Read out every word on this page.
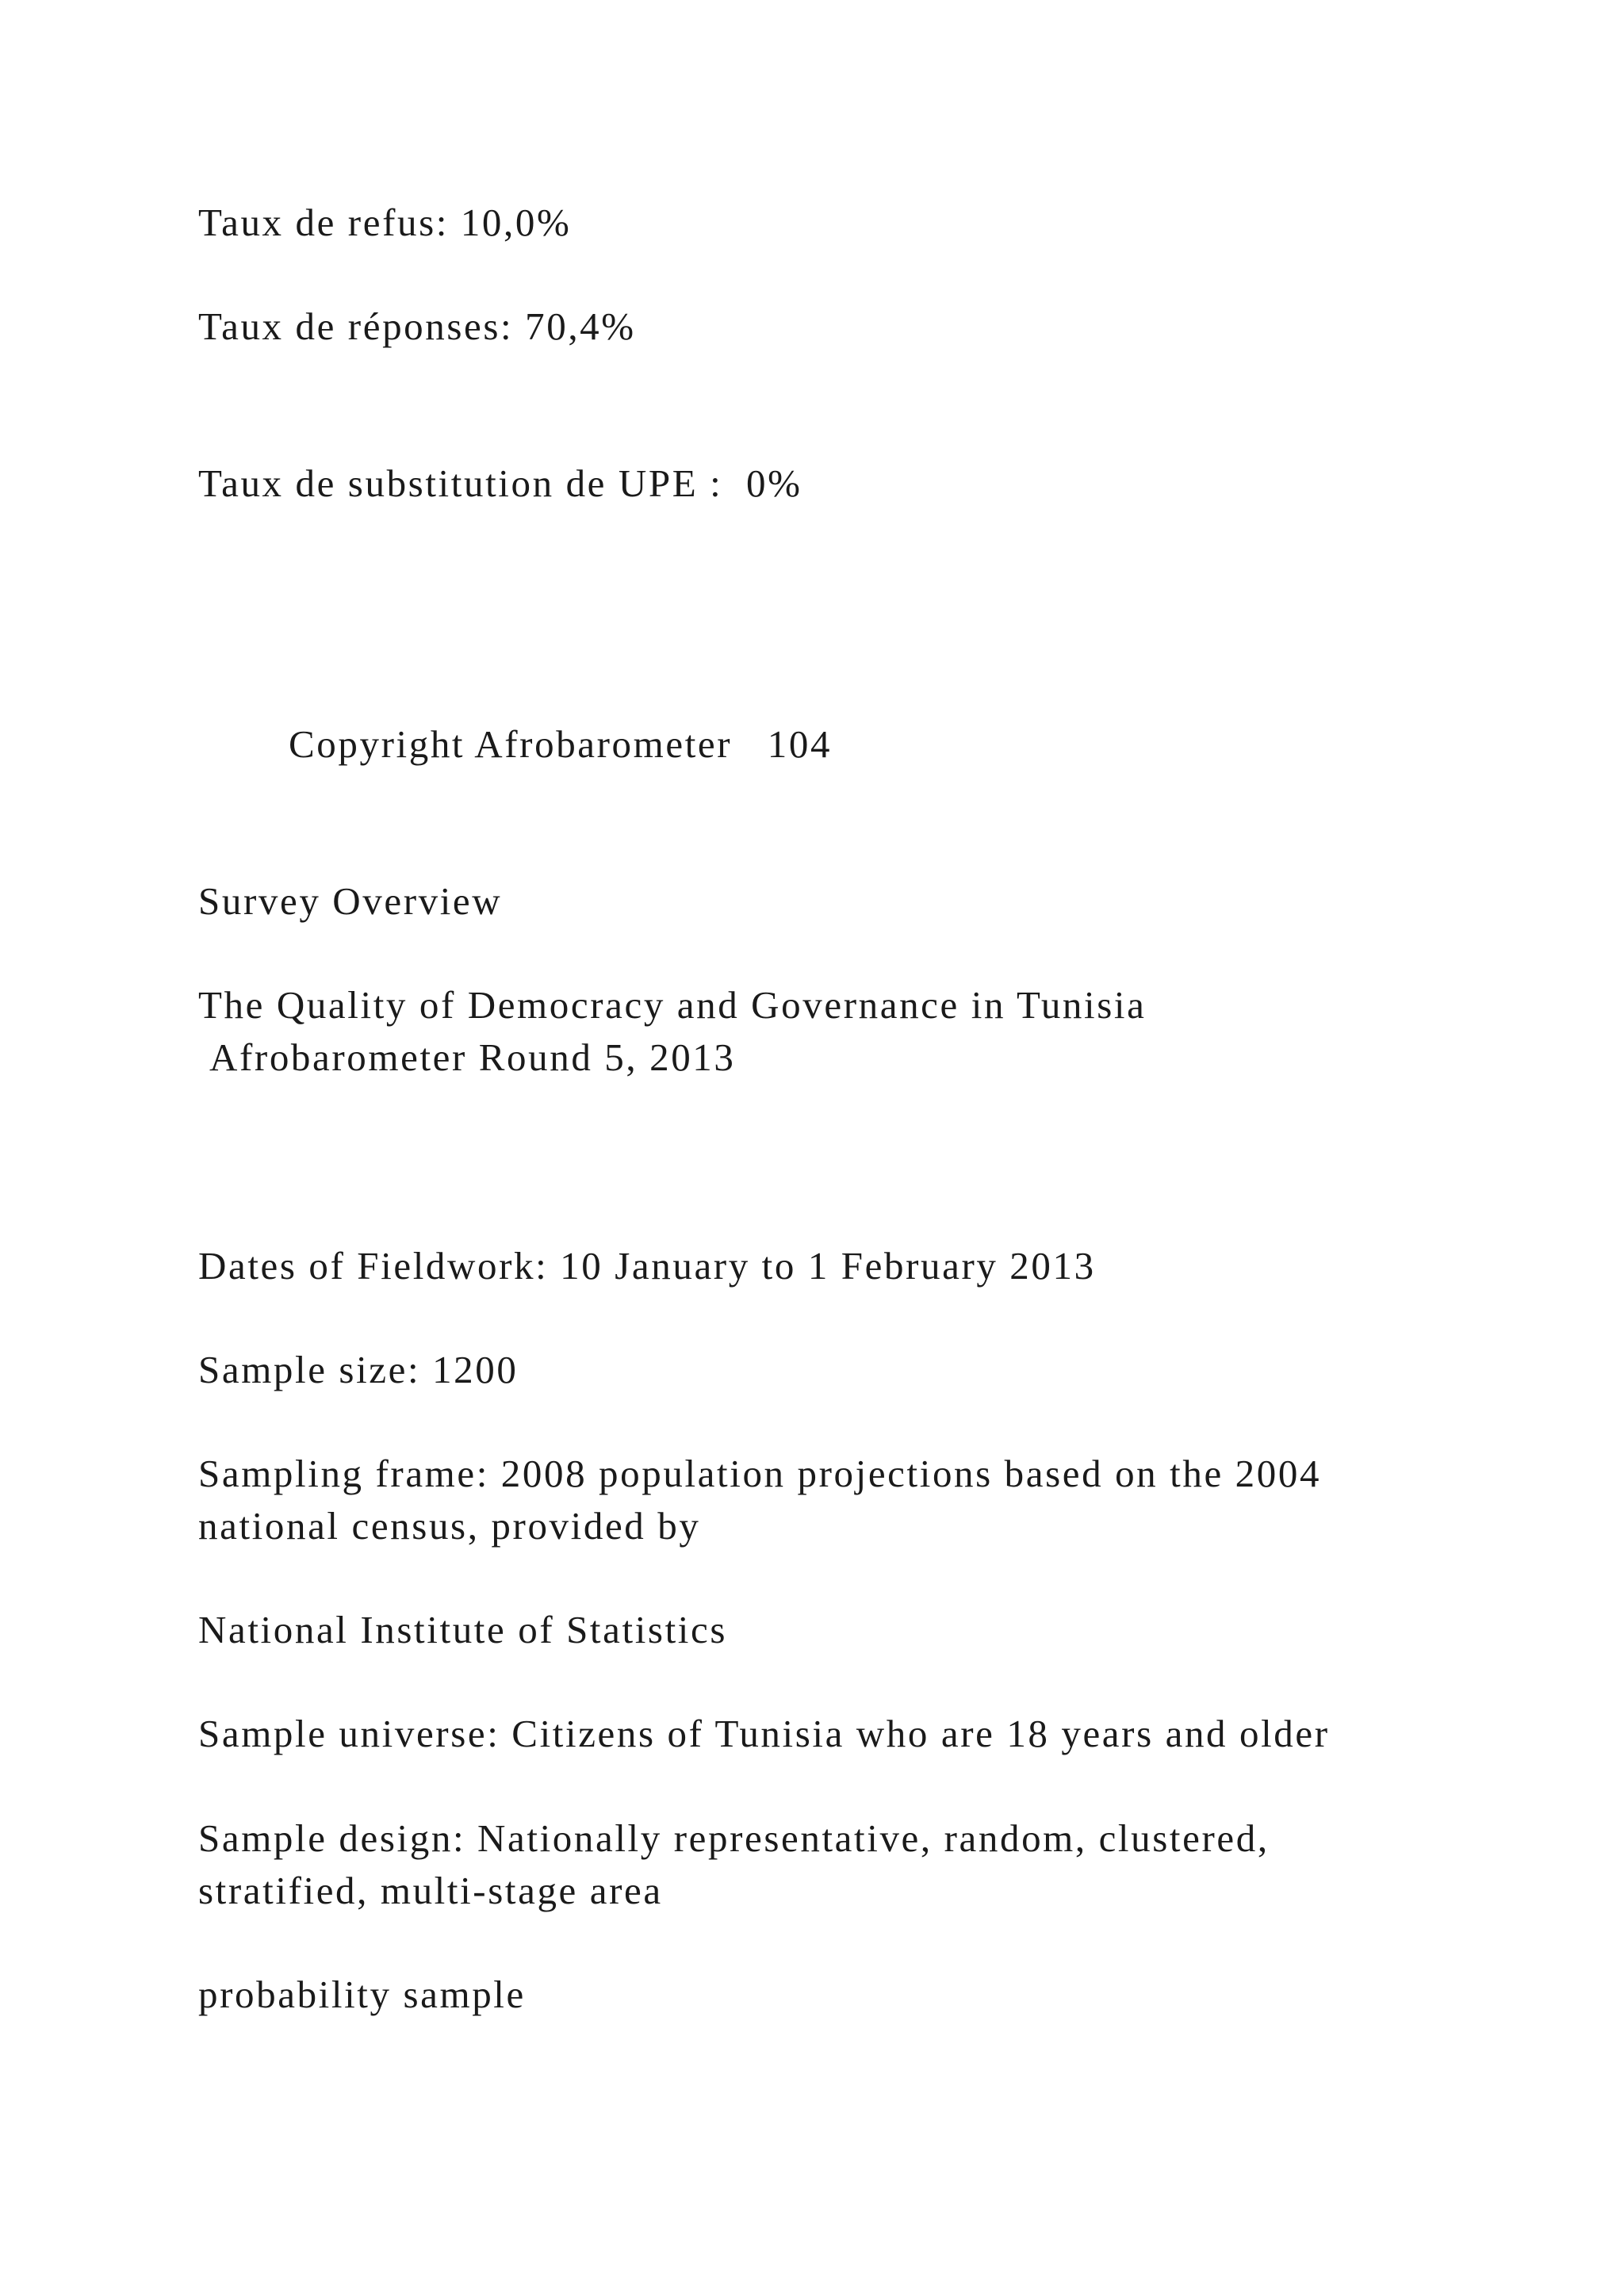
Taux de refus: 10,0%

Taux de réponses: 70,4%

Taux de substitution de UPE :  0%

Copyright Afrobarometer   104

Survey Overview

The Quality of Democracy and Governance in Tunisia

Afrobarometer Round 5, 2013

Dates of Fieldwork: 10 January to 1 February 2013

Sample size: 1200

Sampling frame: 2008 population projections based on the 2004

national census, provided by

National Institute of Statistics

Sample universe: Citizens of Tunisia who are 18 years and older

Sample design: Nationally representative, random, clustered,

stratified, multi-stage area

probability sample
